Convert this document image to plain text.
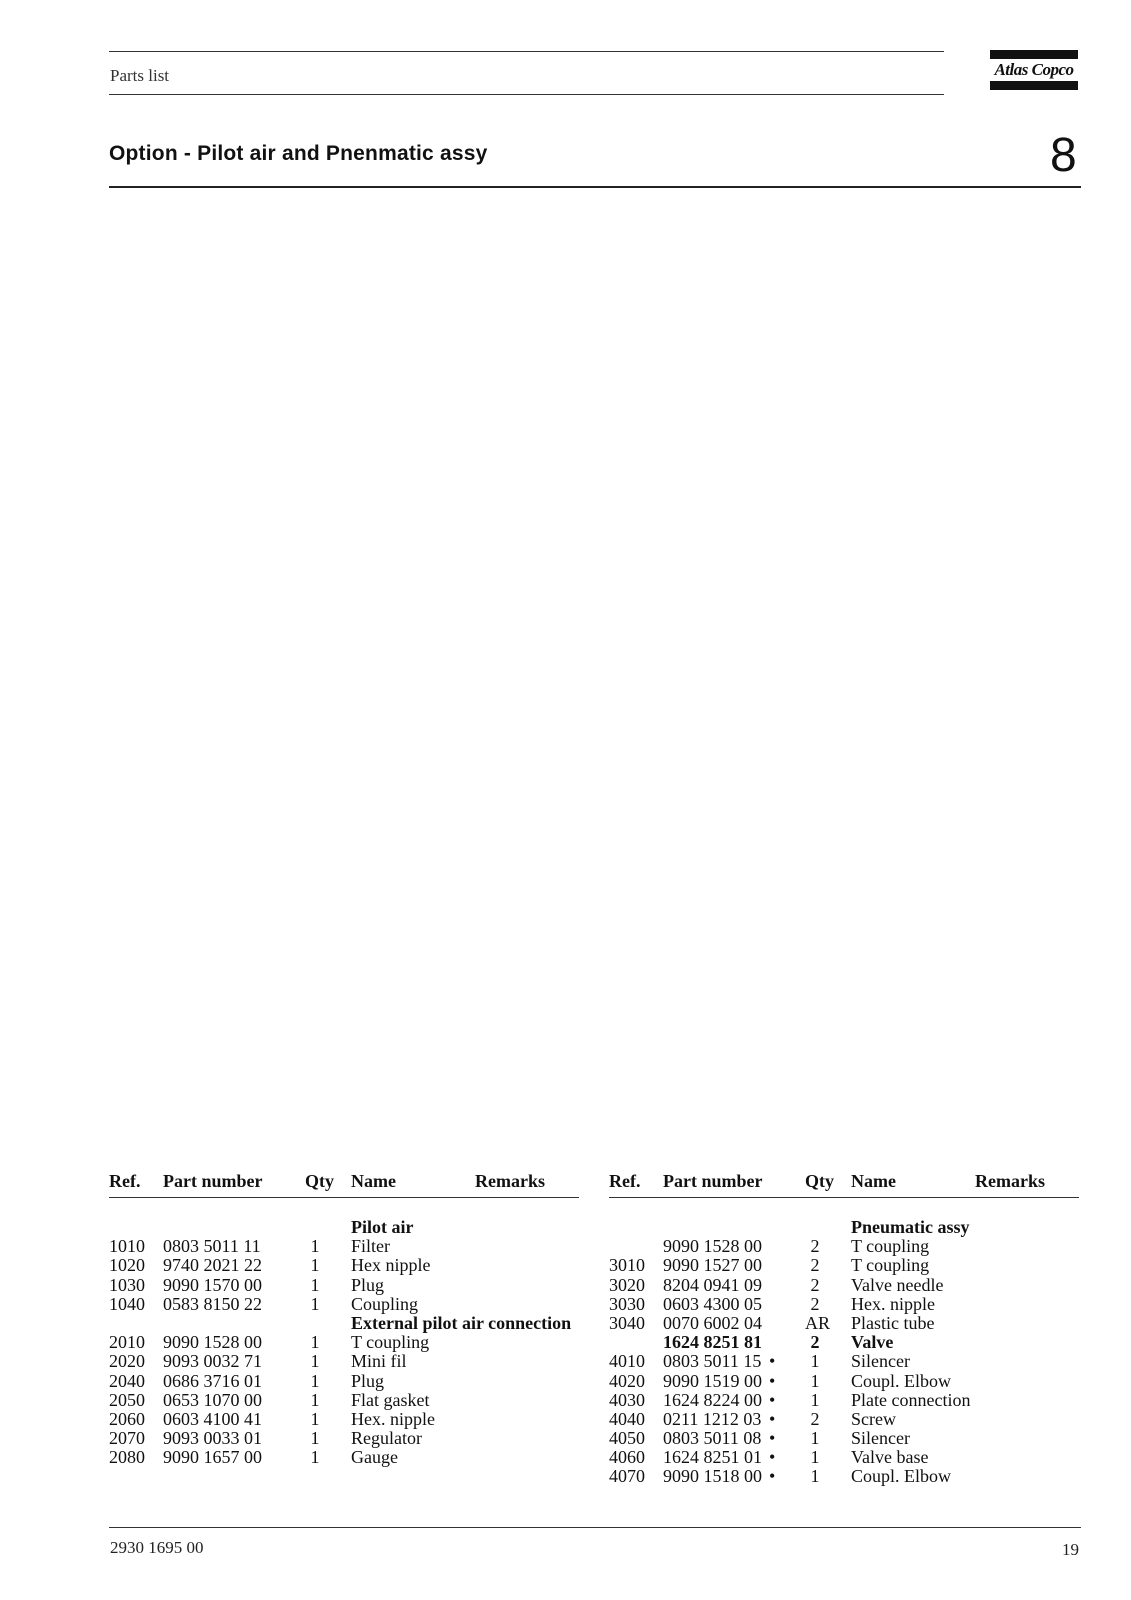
Parts list	Atlas Copco
Option - Pilot air and Pnenmatic assy	8
Ref. Part number Qty Name	Remarks
Pilot air
1010 0803 5011 11	1	Filter
1020 9740 2021 22	1	Hex nipple
1030 9090 1570 00	1	Plug
1040 0583 8150 22	1	Coupling
External pilot air connection
2010 9090 1528 00	1	T coupling
2020 9093 0032 71	1	Mini fil
2040 0686 3716 01	1	Plug
2050 0653 1070 00	1	Flat gasket
2060 0603 4100 41	1	Hex. nipple
2070 9093 0033 01	1	Regulator
2080 9090 1657 00	1	Gauge
Ref. Part number Qty Name	Remarks
Pneumatic assy
9090 1528 00	2	T coupling
3010 9090 1527 00	2	T coupling
3020 8204 0941 09	2	Valve needle
3030 0603 4300 05	2	Hex. nipple
3040 0070 6002 04 AR Plastic tube
1624 8251 81	2	Valve
4010 0803 5011 15 •	1	Silencer
4020 9090 1519 00 •	1	Coupl. Elbow
4030 1624 8224 00 •	1	Plate connection
4040 0211 1212 03 •	2	Screw
4050 0803 5011 08 •	1	Silencer
4060 1624 8251 01 •	1	Valve base
4070 9090 1518 00 •	1	Coupl. Elbow
2930 1695 00	19
